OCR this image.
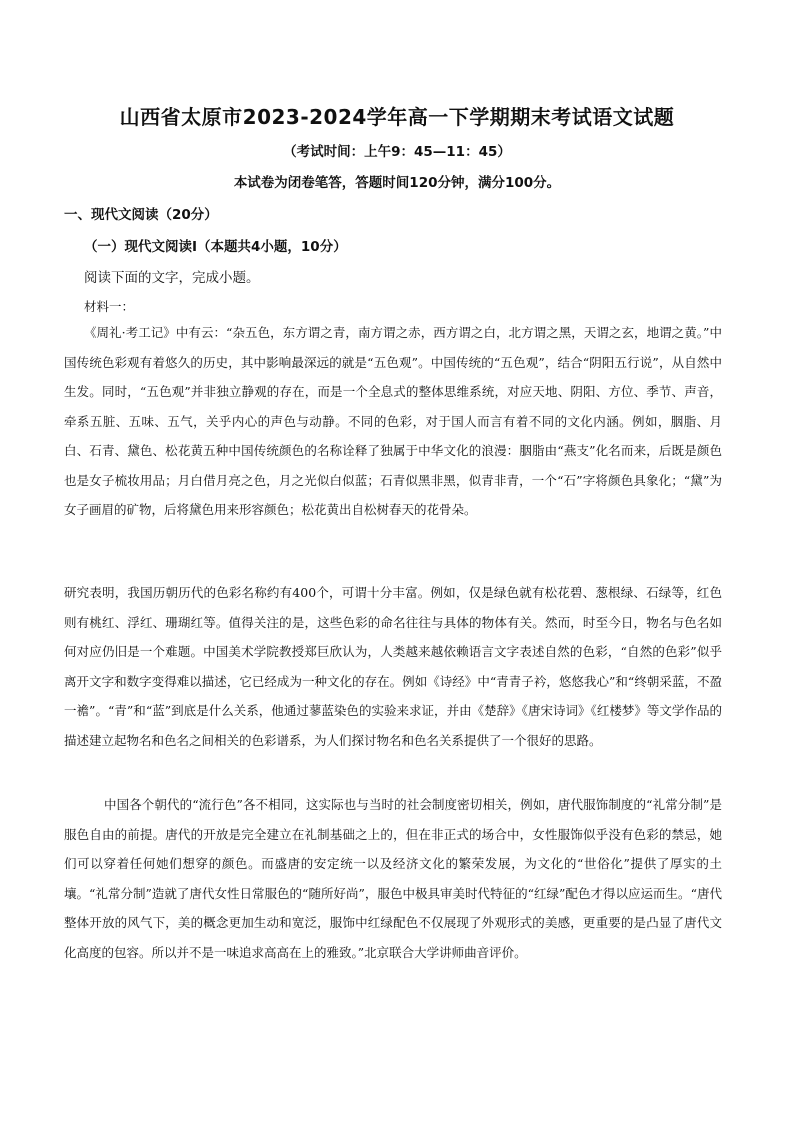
山西省太原市2023-2024学年高一下学期期末考试语文试题
（考试时间：上午9：45—11：45）
本试卷为闭卷笔答，答题时间120分钟，满分100分。
一、现代文阅读（20分）
（一）现代文阅读Ⅰ（本题共4小题，10分）
阅读下面的文字，完成小题。
材料一：

《周礼·考工记》中有云：“杂五色，东方谓之青，南方谓之赤，西方谓之白，北方谓之黑，天谓之玄，地谓之黄。”中国传统色彩观有着悠久的历史，其中影响最深远的就是“五色观”。中国传统的“五色观”，结合“阴阳五行说”，从自然中生发。同时，“五色观”并非独立静观的存在，而是一个全息式的整体思维系统，对应天地、阴阳、方位、季节、声音，牵系五脏、五味、五气，关乎内心的声色与动静。不同的色彩，对于国人而言有着不同的文化内涵。例如，胭脂、月白、石青、黛色、松花黄五种中国传统颜色的名称诠释了独属于中华文化的浪漫：胭脂由“燕支”化名而来，后既是颜色也是女子梳妆用品；月白借月亮之色，月之光似白似蓝；石青似黑非黑，似青非青，一个“石”字将颜色具象化；“黛”为女子画眉的矿物，后将黛色用来形容颜色；松花黄出自松树春天的花骨朵。

研究表明，我国历朝历代的色彩名称约有400个，可谓十分丰富。例如，仅是绿色就有松花碧、葱根绿、石绿等，红色则有桃红、浮红、珊瑚红等。值得关注的是，这些色彩的命名往往与具体的物体有关。然而，时至今日，物名与色名如何对应仍旧是一个难题。中国美术学院教授郑巨欣认为，人类越来越依赖语言文字表述自然的色彩，“自然的色彩”似乎离开文字和数字变得难以描述，它已经成为一种文化的存在。例如《诗经》中“青青子衿，悠悠我心”和“终朝采蓝，不盈一襜”。“青”和“蓝”到底是什么关系，他通过蓼蓝染色的实验来求证，并由《楚辞》《唐宋诗词》《红楼梦》等文学作品的描述建立起物名和色名之间相关的色彩谱系，为人们探讨物名和色名关系提供了一个很好的思路。

中国各个朝代的“流行色”各不相同，这实际也与当时的社会制度密切相关，例如，唐代服饰制度的“礼常分制”是服色自由的前提。唐代的开放是完全建立在礼制基础之上的，但在非正式的场合中，女性服饰似乎没有色彩的禁忌，她们可以穿着任何她们想穿的颜色。而盛唐的安定统一以及经济文化的繁荣发展，为文化的“世俗化”提供了厚实的土壤。“礼常分制”造就了唐代女性日常服色的“随所好尚”，服色中极具审美时代特征的“红绿”配色才得以应运而生。“唐代整体开放的风气下，美的概念更加生动和宽泛，服饰中红绿配色不仅展现了外观形式的美感，更重要的是凸显了唐代文化高度的包容。所以并不是一味追求高高在上的雅致。”北京联合大学讲师曲音评价。
